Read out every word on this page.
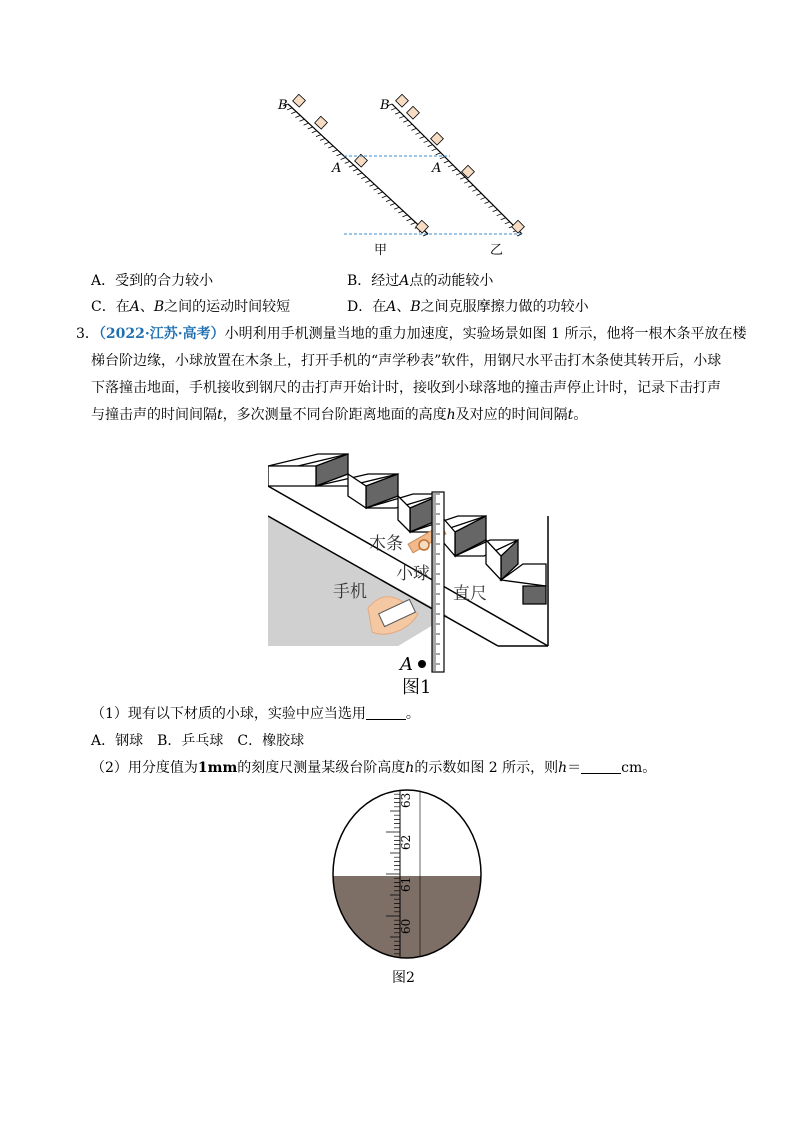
B
A
甲
B
A
乙
A．受到的合力较小	B．经过A点的动能较小
C．在A、B之间的运动时间较短	D．在A、B之间克服摩擦力做的功较小
3．（2022·江苏·高考）小明利用手机测量当地的重力加速度，实验场景如图 1 所示，他将一根木条平放在楼
梯台阶边缘，小球放置在木条上，打开手机的“声学秒表”软件，用钢尺水平击打木条使其转开后，小球
下落撞击地面，手机接收到钢尺的击打声开始计时，接收到小球落地的撞击声停止计时，记录下击打声
与撞击声的时间间隔t，多次测量不同台阶距离地面的高度h及对应的时间间隔t。
木条
小球
手机	直尺
A
图1
（1）现有以下材质的小球，实验中应当选用	。
A．钢球　B．乒乓球　C．橡胶球
（2）用分度值为1mm的刻度尺测量某级台阶高度h的示数如图 2 所示，则h＝	cm。
63
62
61
60
图2
